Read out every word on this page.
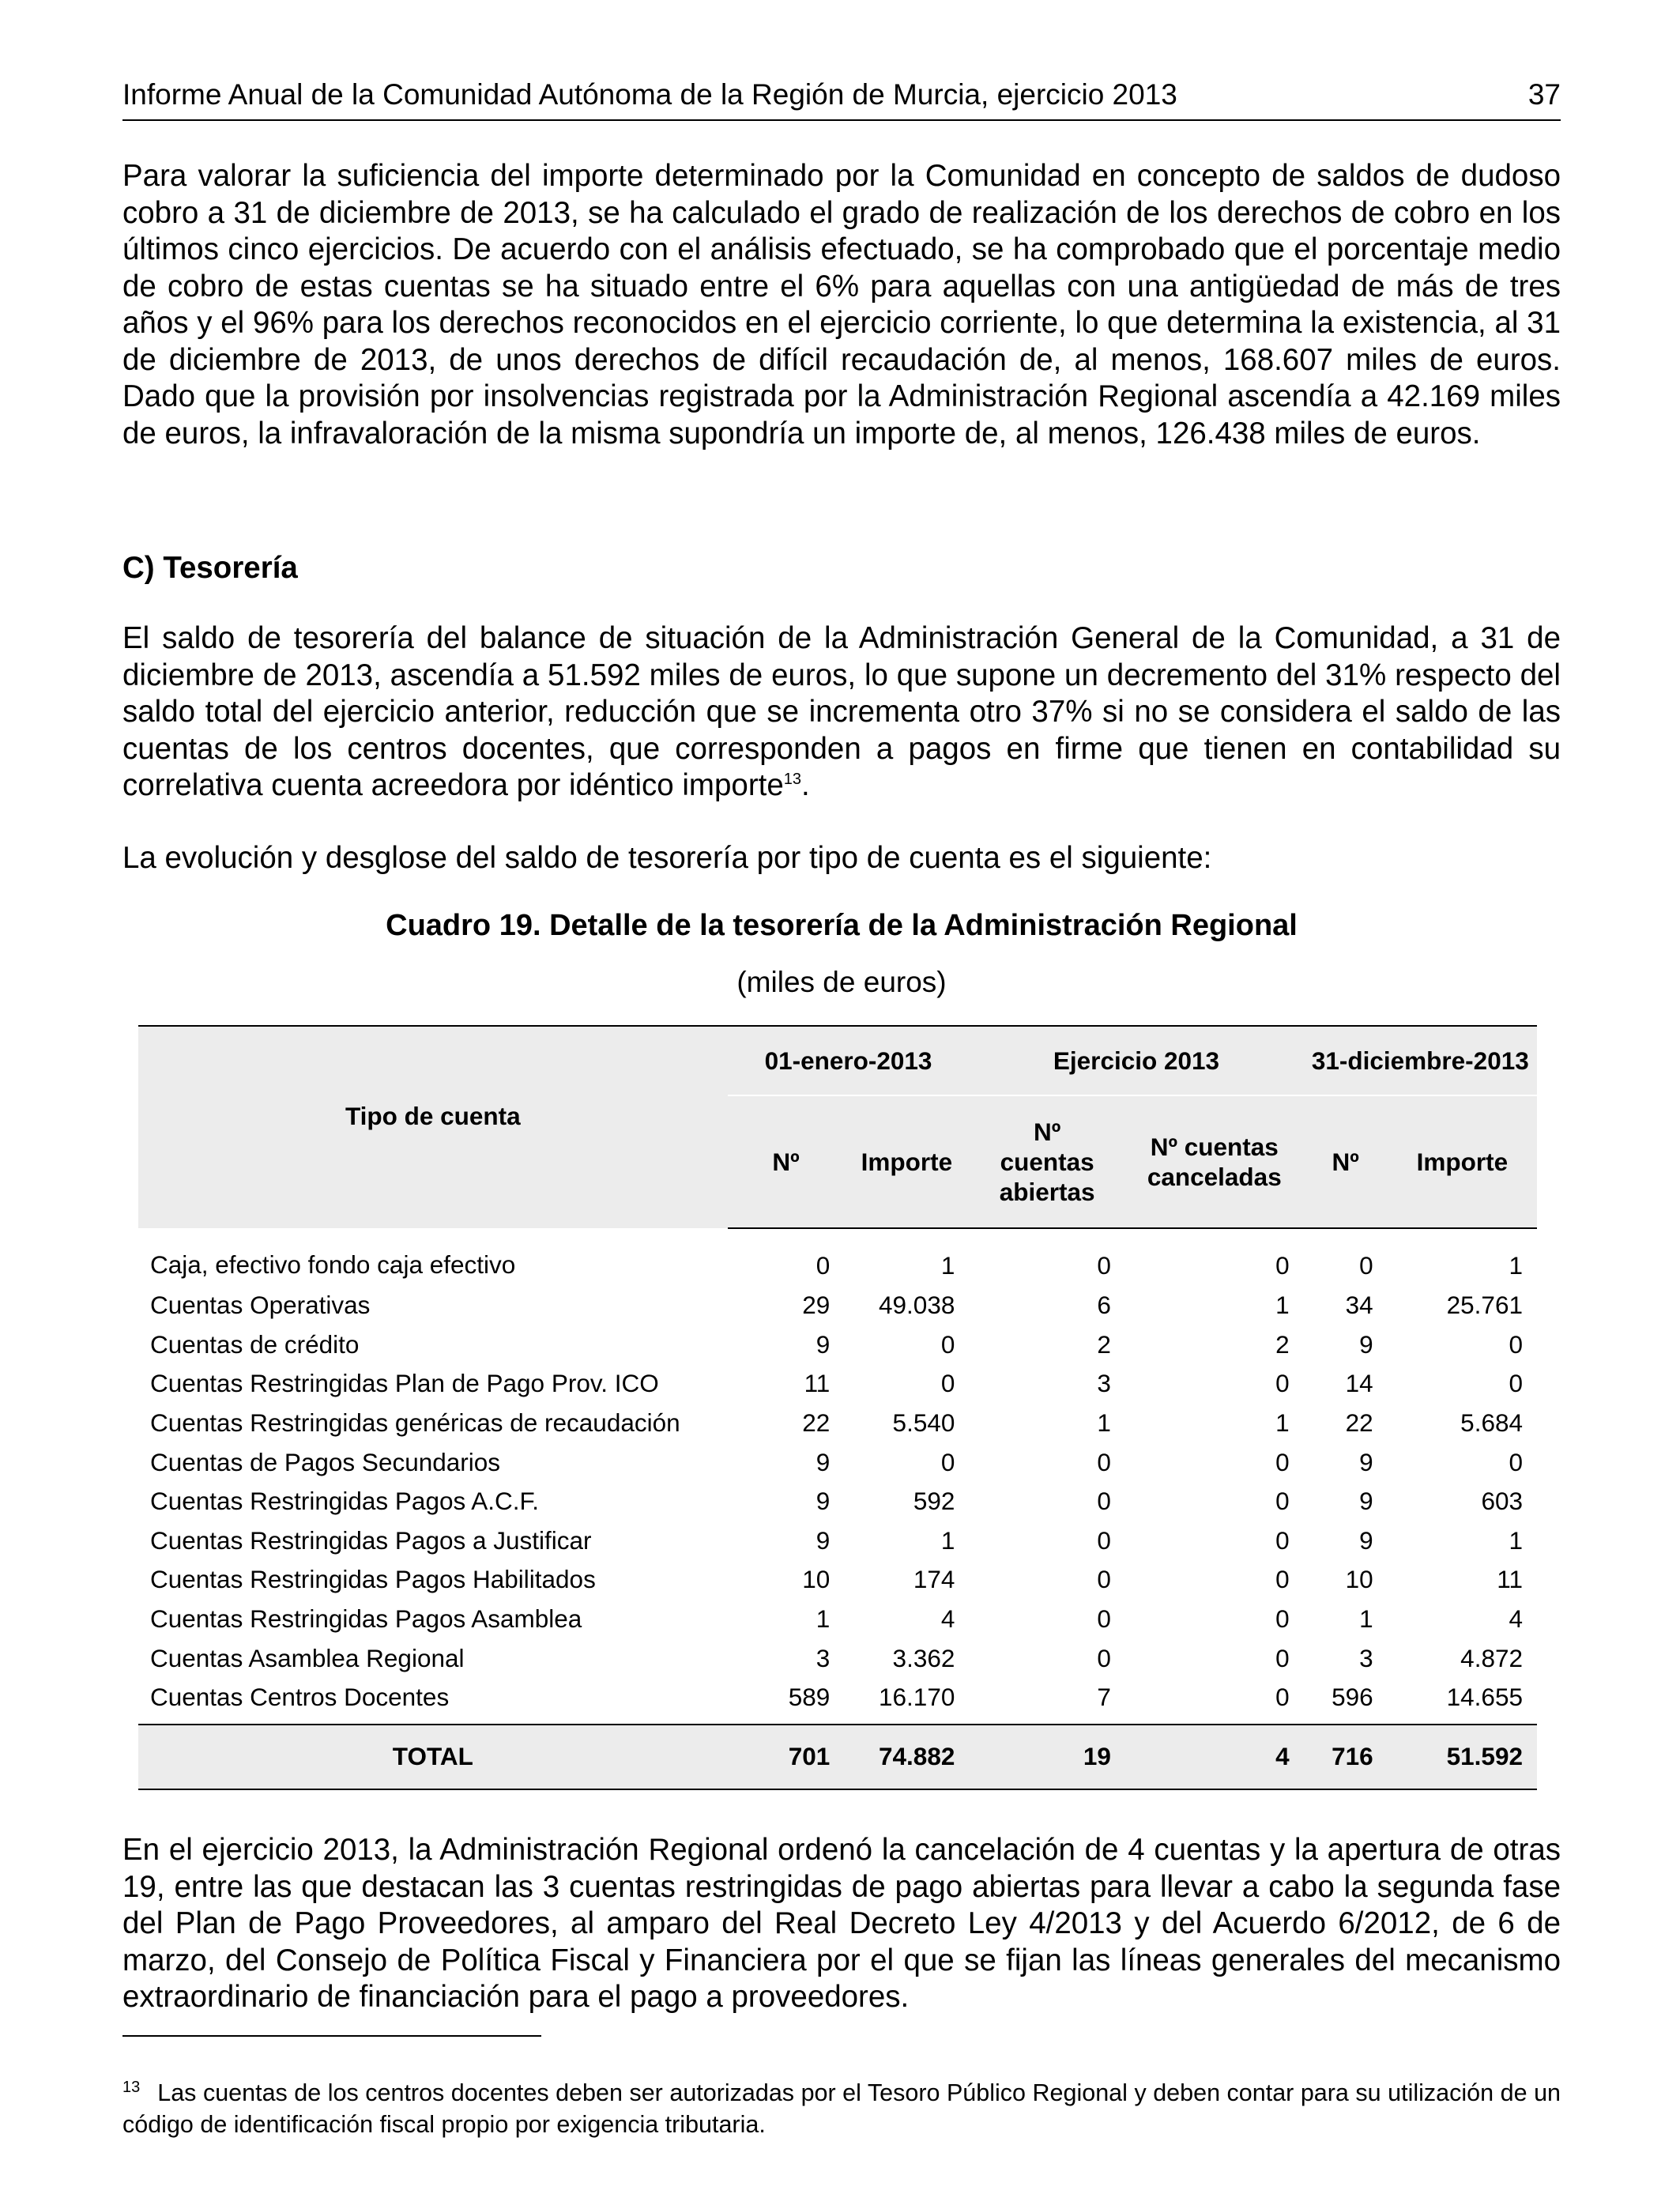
Informe Anual de la Comunidad Autónoma de la Región de Murcia, ejercicio 2013	37

Para valorar la suficiencia del importe determinado por la Comunidad en concepto de saldos de dudoso cobro a 31 de diciembre de 2013, se ha calculado el grado de realización de los derechos de cobro en los últimos cinco ejercicios. De acuerdo con el análisis efectuado, se ha comprobado que el porcentaje medio de cobro de estas cuentas se ha situado entre el 6% para aquellas con una antigüedad de más de tres años y el 96% para los derechos reconocidos en el ejercicio corriente, lo que determina la existencia, al 31 de diciembre de 2013, de unos derechos de difícil recaudación de, al menos, 168.607 miles de euros. Dado que la provisión por insolvencias registrada por la Administración Regional ascendía a 42.169 miles de euros, la infravaloración de la misma supondría un importe de, al menos, 126.438 miles de euros.

C) Tesorería

El saldo de tesorería del balance de situación de la Administración General de la Comunidad, a 31 de diciembre de 2013, ascendía a 51.592 miles de euros, lo que supone un decremento del 31% respecto del saldo total del ejercicio anterior, reducción que se incrementa otro 37% si no se considera el saldo de las cuentas de los centros docentes, que corresponden a pagos en firme que tienen en contabilidad su correlativa cuenta acreedora por idéntico importe$^{13}$.

La evolución y desglose del saldo de tesorería por tipo de cuenta es el siguiente:

Cuadro 19. Detalle de la tesorería de la Administración Regional
(miles de euros)
Tipo de cuenta	01-enero-2013		Ejercicio 2013		31-diciembre-2013	
	Nº	Importe	Nº cuentas abiertas	Nº cuentas canceladas	Nº	Importe
Caja, efectivo fondo caja efectivo	0	1	0	0	0	1
Cuentas Operativas	29	49.038	6	1	34	25.761
Cuentas de crédito	9	0	2	2	9	0
Cuentas Restringidas Plan de Pago Prov. ICO	11	0	3	0	14	0
Cuentas Restringidas genéricas de recaudación	22	5.540	1	1	22	5.684
Cuentas de Pagos Secundarios	9	0	0	0	9	0
Cuentas Restringidas Pagos A.C.F.	9	592	0	0	9	603
Cuentas Restringidas Pagos a Justificar	9	1	0	0	9	1
Cuentas Restringidas Pagos Habilitados	10	174	0	0	10	11
Cuentas Restringidas Pagos Asamblea	1	4	0	0	1	4
Cuentas Asamblea Regional	3	3.362	0	0	3	4.872
Cuentas Centros Docentes	589	16.170	7	0	596	14.655
TOTAL	701	74.882	19	4	716	51.592

$^{13}$ Las cuentas de los centros docentes deben ser autorizadas por el Tesoro Público Regional y deben contar para su utilización de un código de identificación fiscal propio por exigencia tributaria.

En el ejercicio 2013, la Administración Regional ordenó la cancelación de 4 cuentas y la apertura de otras 19, entre las que destacan las 3 cuentas restringidas de pago abiertas para llevar a cabo la segunda fase del Plan de Pago Proveedores, al amparo del Real Decreto Ley 4/2013 y del Acuerdo 6/2012, de 6 de marzo, del Consejo de Política Fiscal y Financiera por el que se fijan las líneas generales del mecanismo extraordinario de financiación para el pago a proveedores.
